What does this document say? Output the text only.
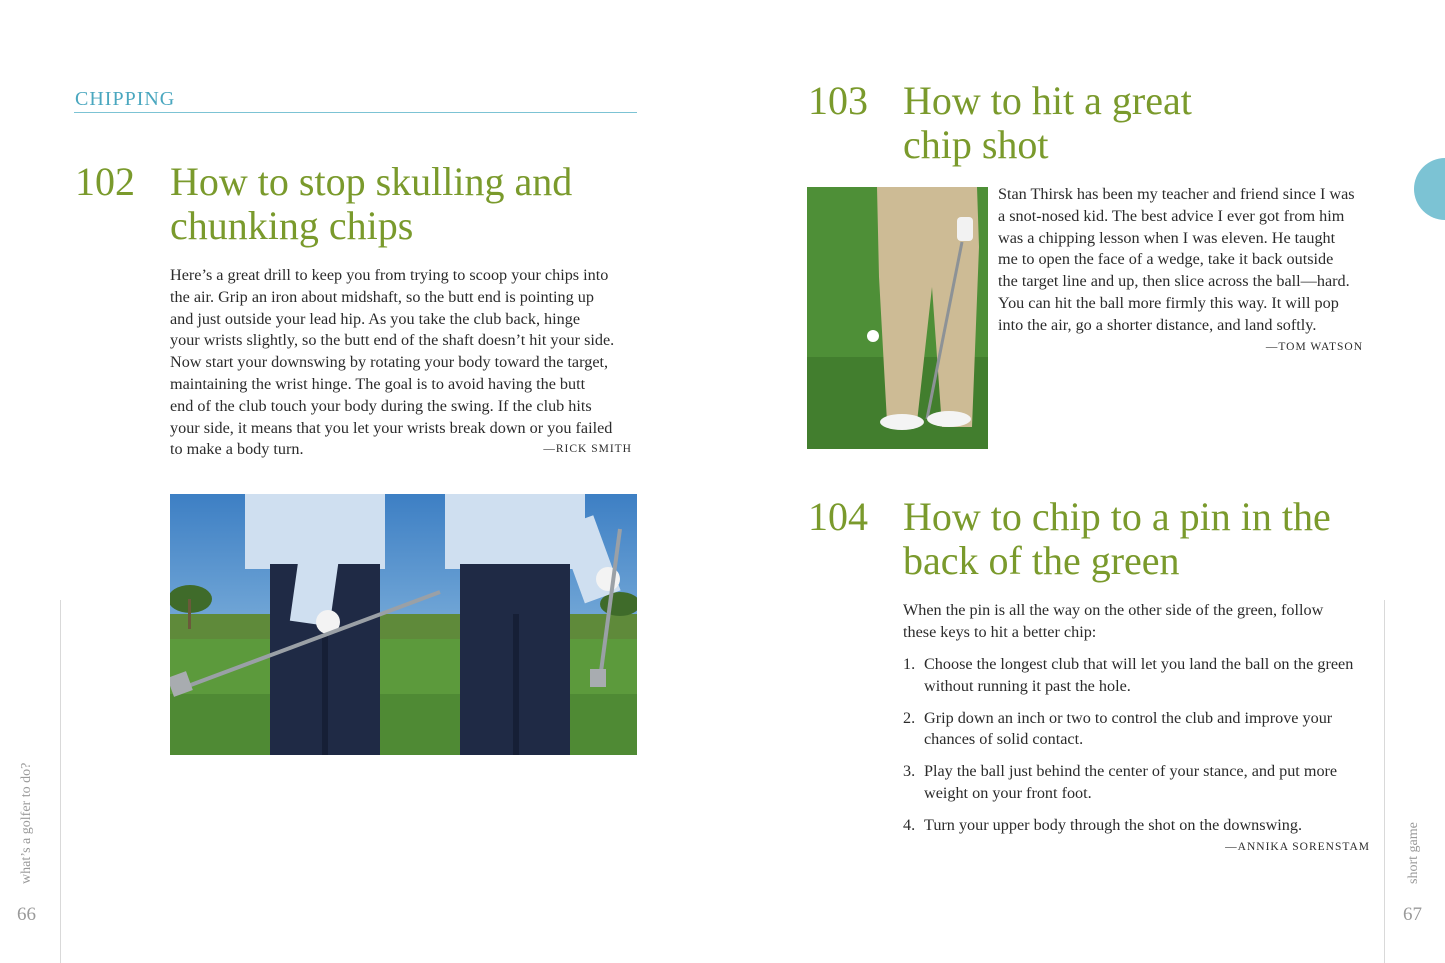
CHIPPING
102 How to stop skulling and
chunking chips
Here’s a great drill to keep you from trying to scoop your chips into
the air. Grip an iron about midshaft, so the butt end is pointing up
and just outside your lead hip. As you take the club back, hinge
your wrists slightly, so the butt end of the shaft doesn’t hit your side.
Now start your downswing by rotating your body toward the target,
maintaining the wrist hinge. The goal is to avoid having the butt
end of the club touch your body during the swing. If the club hits
your side, it means that you let your wrists break down or you failed
to make a body turn.	—RICK SMITH
what’s a golfer to do?
66
103 How to hit a great
chip shot
Stan Thirsk has been my teacher and friend since I was
a snot-nosed kid. The best advice I ever got from him
was a chipping lesson when I was eleven. He taught
me to open the face of a wedge, take it back outside
the target line and up, then slice across the ball—hard.
You can hit the ball more firmly this way. It will pop
into the air, go a shorter distance, and land softly.
—TOM WATSON
104 How to chip to a pin in the
back of the green
When the pin is all the way on the other side of the green, follow
these keys to hit a better chip:
1. Choose the longest club that will let you land the ball on the green
without running it past the hole.
2. Grip down an inch or two to control the club and improve your
chances of solid contact.
3. Play the ball just behind the center of your stance, and put more
weight on your front foot.
4. Turn your upper body through the shot on the downswing.
—ANNIKA SORENSTAM	short game
67
